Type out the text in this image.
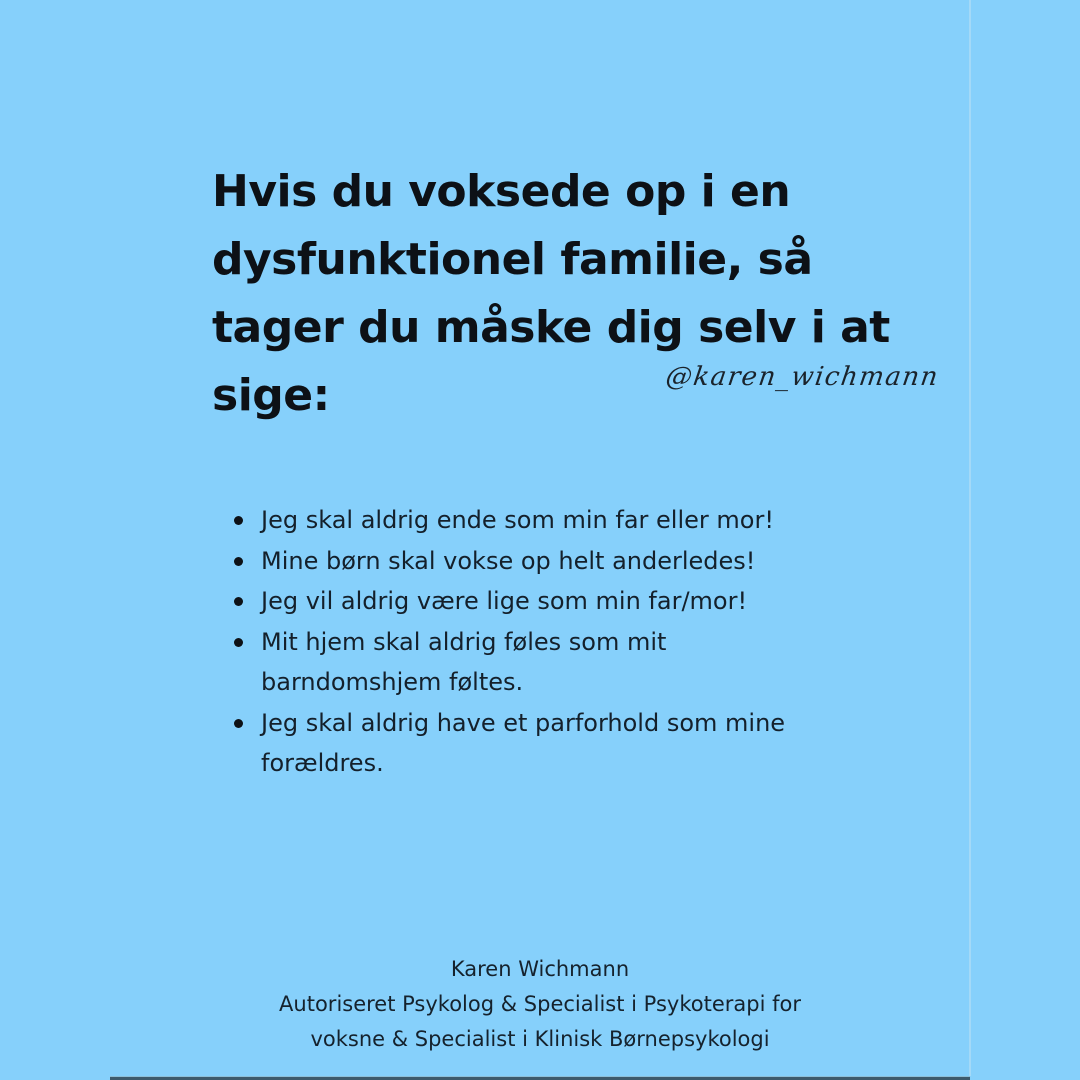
Hvis du voksede op i en
dysfunktionel familie, så
tager du måske dig selv i at
sige:	@karen_wichmann
Jeg skal aldrig ende som min far eller mor!
Mine børn skal vokse op helt anderledes!
Jeg vil aldrig være lige som min far/mor!
Mit hjem skal aldrig føles som mit
barndomshjem føltes.
Jeg skal aldrig have et parforhold som mine
forældres.
Karen Wichmann
Autoriseret Psykolog & Specialist i Psykoterapi for
voksne & Specialist i Klinisk Børnepsykologi
